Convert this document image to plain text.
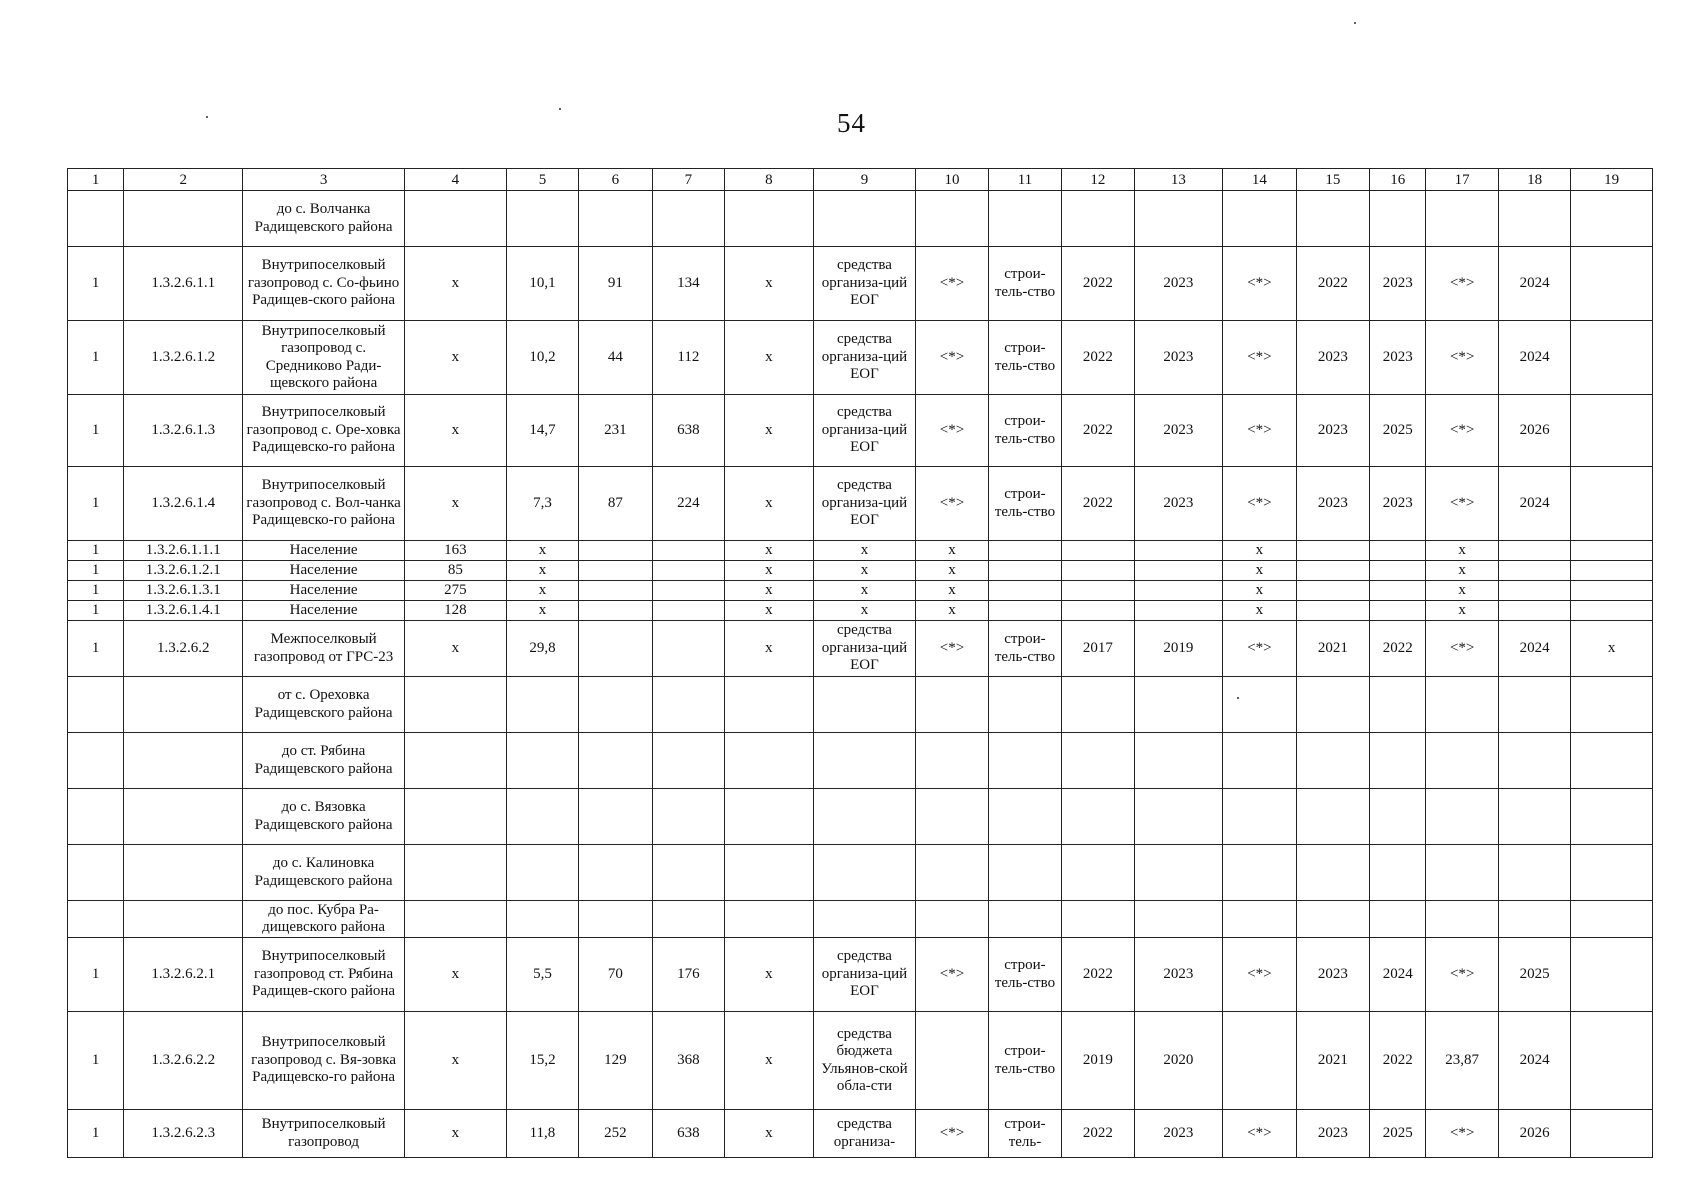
54
1	2	3	4	5	6	7	8	9	10	11	12	13	14	15	16	17	18	19
		до с. Волчанка Радищевского района																
1	1.3.2.6.1.1	Внутрипоселковый газопровод с. Со-фьино Радищев-ского района	x	10,1	91	134	x	средства организа-ций ЕОГ	<*>	строи-тель-ство	2022	2023	<*>	2022	2023	<*>	2024	
1	1.3.2.6.1.2	Внутрипоселковый газопровод с. Средниково Ради-щевского района	x	10,2	44	112	x	средства организа-ций ЕОГ	<*>	строи-тель-ство	2022	2023	<*>	2023	2023	<*>	2024	
1	1.3.2.6.1.3	Внутрипоселковый газопровод с. Оре-ховка Радищевско-го района	x	14,7	231	638	x	средства организа-ций ЕОГ	<*>	строи-тель-ство	2022	2023	<*>	2023	2025	<*>	2026	
1	1.3.2.6.1.4	Внутрипоселковый газопровод с. Вол-чанка Радищевско-го района	x	7,3	87	224	x	средства организа-ций ЕОГ	<*>	строи-тель-ство	2022	2023	<*>	2023	2023	<*>	2024	
1	1.3.2.6.1.1.1	Население	163	x			x	x	x				x			x		
1	1.3.2.6.1.2.1	Население	85	x			x	x	x				x			x		
1	1.3.2.6.1.3.1	Население	275	x			x	x	x				x			x		
1	1.3.2.6.1.4.1	Население	128	x			x	x	x				x			x		
1	1.3.2.6.2	Межпоселковый газопровод от ГРС-23	x	29,8			x	средства организа-ций ЕОГ	<*>	строи-тель-ство	2017	2019	<*>	2021	2022	<*>	2024	x
		от с. Ореховка Радищевского района																
		до ст. Рябина Радищевского района																
		до с. Вязовка Радищевского района																
		до с. Калиновка Радищевского района																
		до пос. Кубра Ра-дищевского района																
1	1.3.2.6.2.1	Внутрипоселковый газопровод ст. Рябина Радищев-ского района	x	5,5	70	176	x	средства организа-ций ЕОГ	<*>	строи-тель-ство	2022	2023	<*>	2023	2024	<*>	2025	
1	1.3.2.6.2.2	Внутрипоселковый газопровод с. Вя-зовка Радищевско-го района	x	15,2	129	368	x	средства бюджета Ульянов-ской обла-сти		строи-тель-ство	2019	2020		2021	2022	23,87	2024	
1	1.3.2.6.2.3	Внутрипоселковый газопровод	x	11,8	252	638	x	средства организа-	<*>	строи-тель-	2022	2023	<*>	2023	2025	<*>	2026	
